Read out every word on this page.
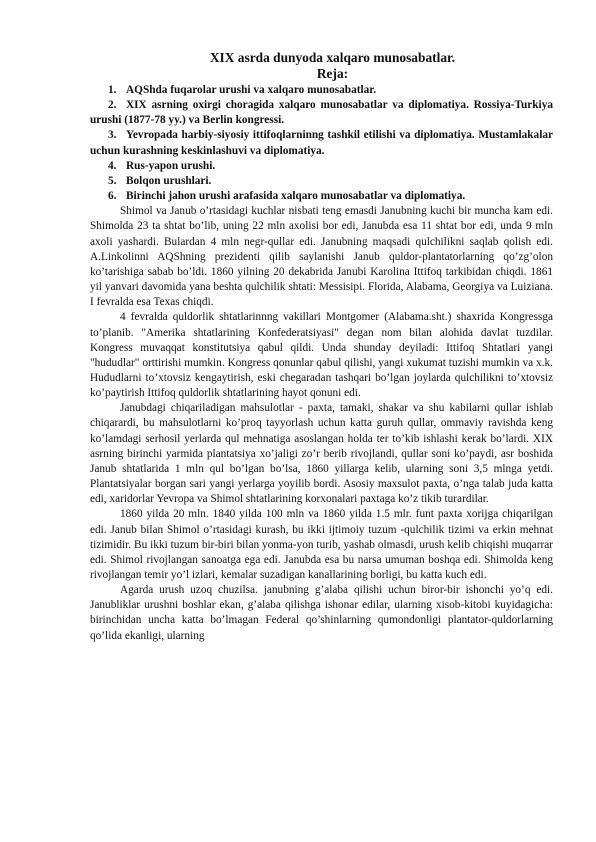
XIX asrda dunyoda xalqaro munosabatlar.
Reja:
1. AQShda fuqarolar urushi va xalqaro munosabatlar.
2. XIX asrning oxirgi choragida xalqaro munosabatlar va diplomatiya. Rossiya-Turkiya urushi (1877-78 yy.) va Berlin kongressi.
3. Yevropada harbiy-siyosiy ittifoqlarninng tashkil etilishi va diplomatiya. Mustamlakalar uchun kurashning keskinlashuvi va diplomatiya.
4. Rus-yapon urushi.
5. Bolqon urushlari.
6. Birinchi jahon urushi arafasida xalqaro munosabatlar va diplomatiya.

Shimol va Janub o’rtasidagi kuchlar nisbati teng emasdi Janubning kuchi bir muncha kam edi. Shimolda 23 ta shtat bo’lib, uning 22 mln axolisi bor edi, Janubda esa 11 shtat bor edi, unda 9 mln axoli yashardi. Bulardan 4 mln negr-qullar edi. Janubning maqsadi qulchilikni saqlab qolish edi. A.Linkolinni AQShning prezidenti qilib saylanishi Janub quldor-plantatorlarning qo’zg’olon ko’tarishiga sabab bo’ldi. 1860 yilning 20 dekabrida Janubi Karolina Ittifoq tarkibidan chiqdi. 1861 yil yanvari davomida yana beshta qulchilik shtati: Messisipi. Florida, Alabama, Georgiya va Luiziana. I fevralda esa Texas chiqdi.

4 fevralda quldorlik shtatlarinnng vakillari Montgomer (Alabama.sht.) shaxrida Kongressga to’planib. "Amerika shtatlarining Konfederatsiyasi" degan nom bilan alohida davlat tuzdilar. Kongress muvaqqat konstitutsiya qabul qildi. Unda shunday deyiladi: Ittifoq Shtatlari yangi "hududlar" orttirishi mumkin. Kongress qonunlar qabul qilishi, yangi xukumat tuzishi mumkin va x.k. Hududlarni to’xtovsiz kengaytirish, eski chegaradan tashqari bo’lgan joylarda qulchilikni to’xtovsiz ko’paytirish Ittifoq quldorlik shtatlarining hayot qonuni edi.

Janubdagi chiqariladigan mahsulotlar - paxta, tamaki, shakar va shu kabilarni qullar ishlab chiqarardi, bu mahsulotlarni ko’proq tayyorlash uchun katta guruh qullar, ommaviy ravishda keng ko’lamdagi serhosil yerlarda qul mehnatiga asoslangan holda ter to’kib ishlashi kerak bo’lardi. XIX asrning birinchi yarmida plantatsiya xo’jaligi zo’r berib rivojlandi, qullar soni ko’paydi, asr boshida Janub shtatlarida 1 mln qul bo’lgan bo’lsa, 1860 yillarga kelib, ularning soni 3,5 mlnga yetdi. Plantatsiyalar borgan sari yangi yerlarga yoyilib bordi. Asosiy maxsulot paxta, o’nga talab juda katta edi, xaridorlar Yevropa va Shimol shtatlarining korxonalari paxtaga ko’z tikib turardilar.

1860 yilda 20 mln. 1840 yilda 100 mln va 1860 yilda 1.5 mlr. funt paxta xorijga chiqarilgan edi. Janub bilan Shimol o’rtasidagi kurash, bu ikki ijtimoiy tuzum -qulchilik tizimi va erkin mehnat tizimidir. Bu ikki tuzum bir-biri bilan yonma-yon turib, yashab olmasdi, urush kelib chiqishi muqarrar edi. Shimol rivojlangan sanoatga ega edi. Janubda esa bu narsa umuman boshqa edi. Shimolda keng rivojlangan temir yo’l izlari, kemalar suzadigan kanallarining borligi, bu katta kuch edi.

Agarda urush uzoq chuzilsa. janubning g’alaba qilishi uchun biror-bir ishonchi yo’q edi. Janubliklar urushni boshlar ekan, g’alaba qilishga ishonar edilar, ularning xisob-kitobi kuyidagicha: birinchidan uncha katta bo’lmagan Federal qo’shinlarning qumondonligi plantator-quldorlarning qo’lida ekanligi, ularning
